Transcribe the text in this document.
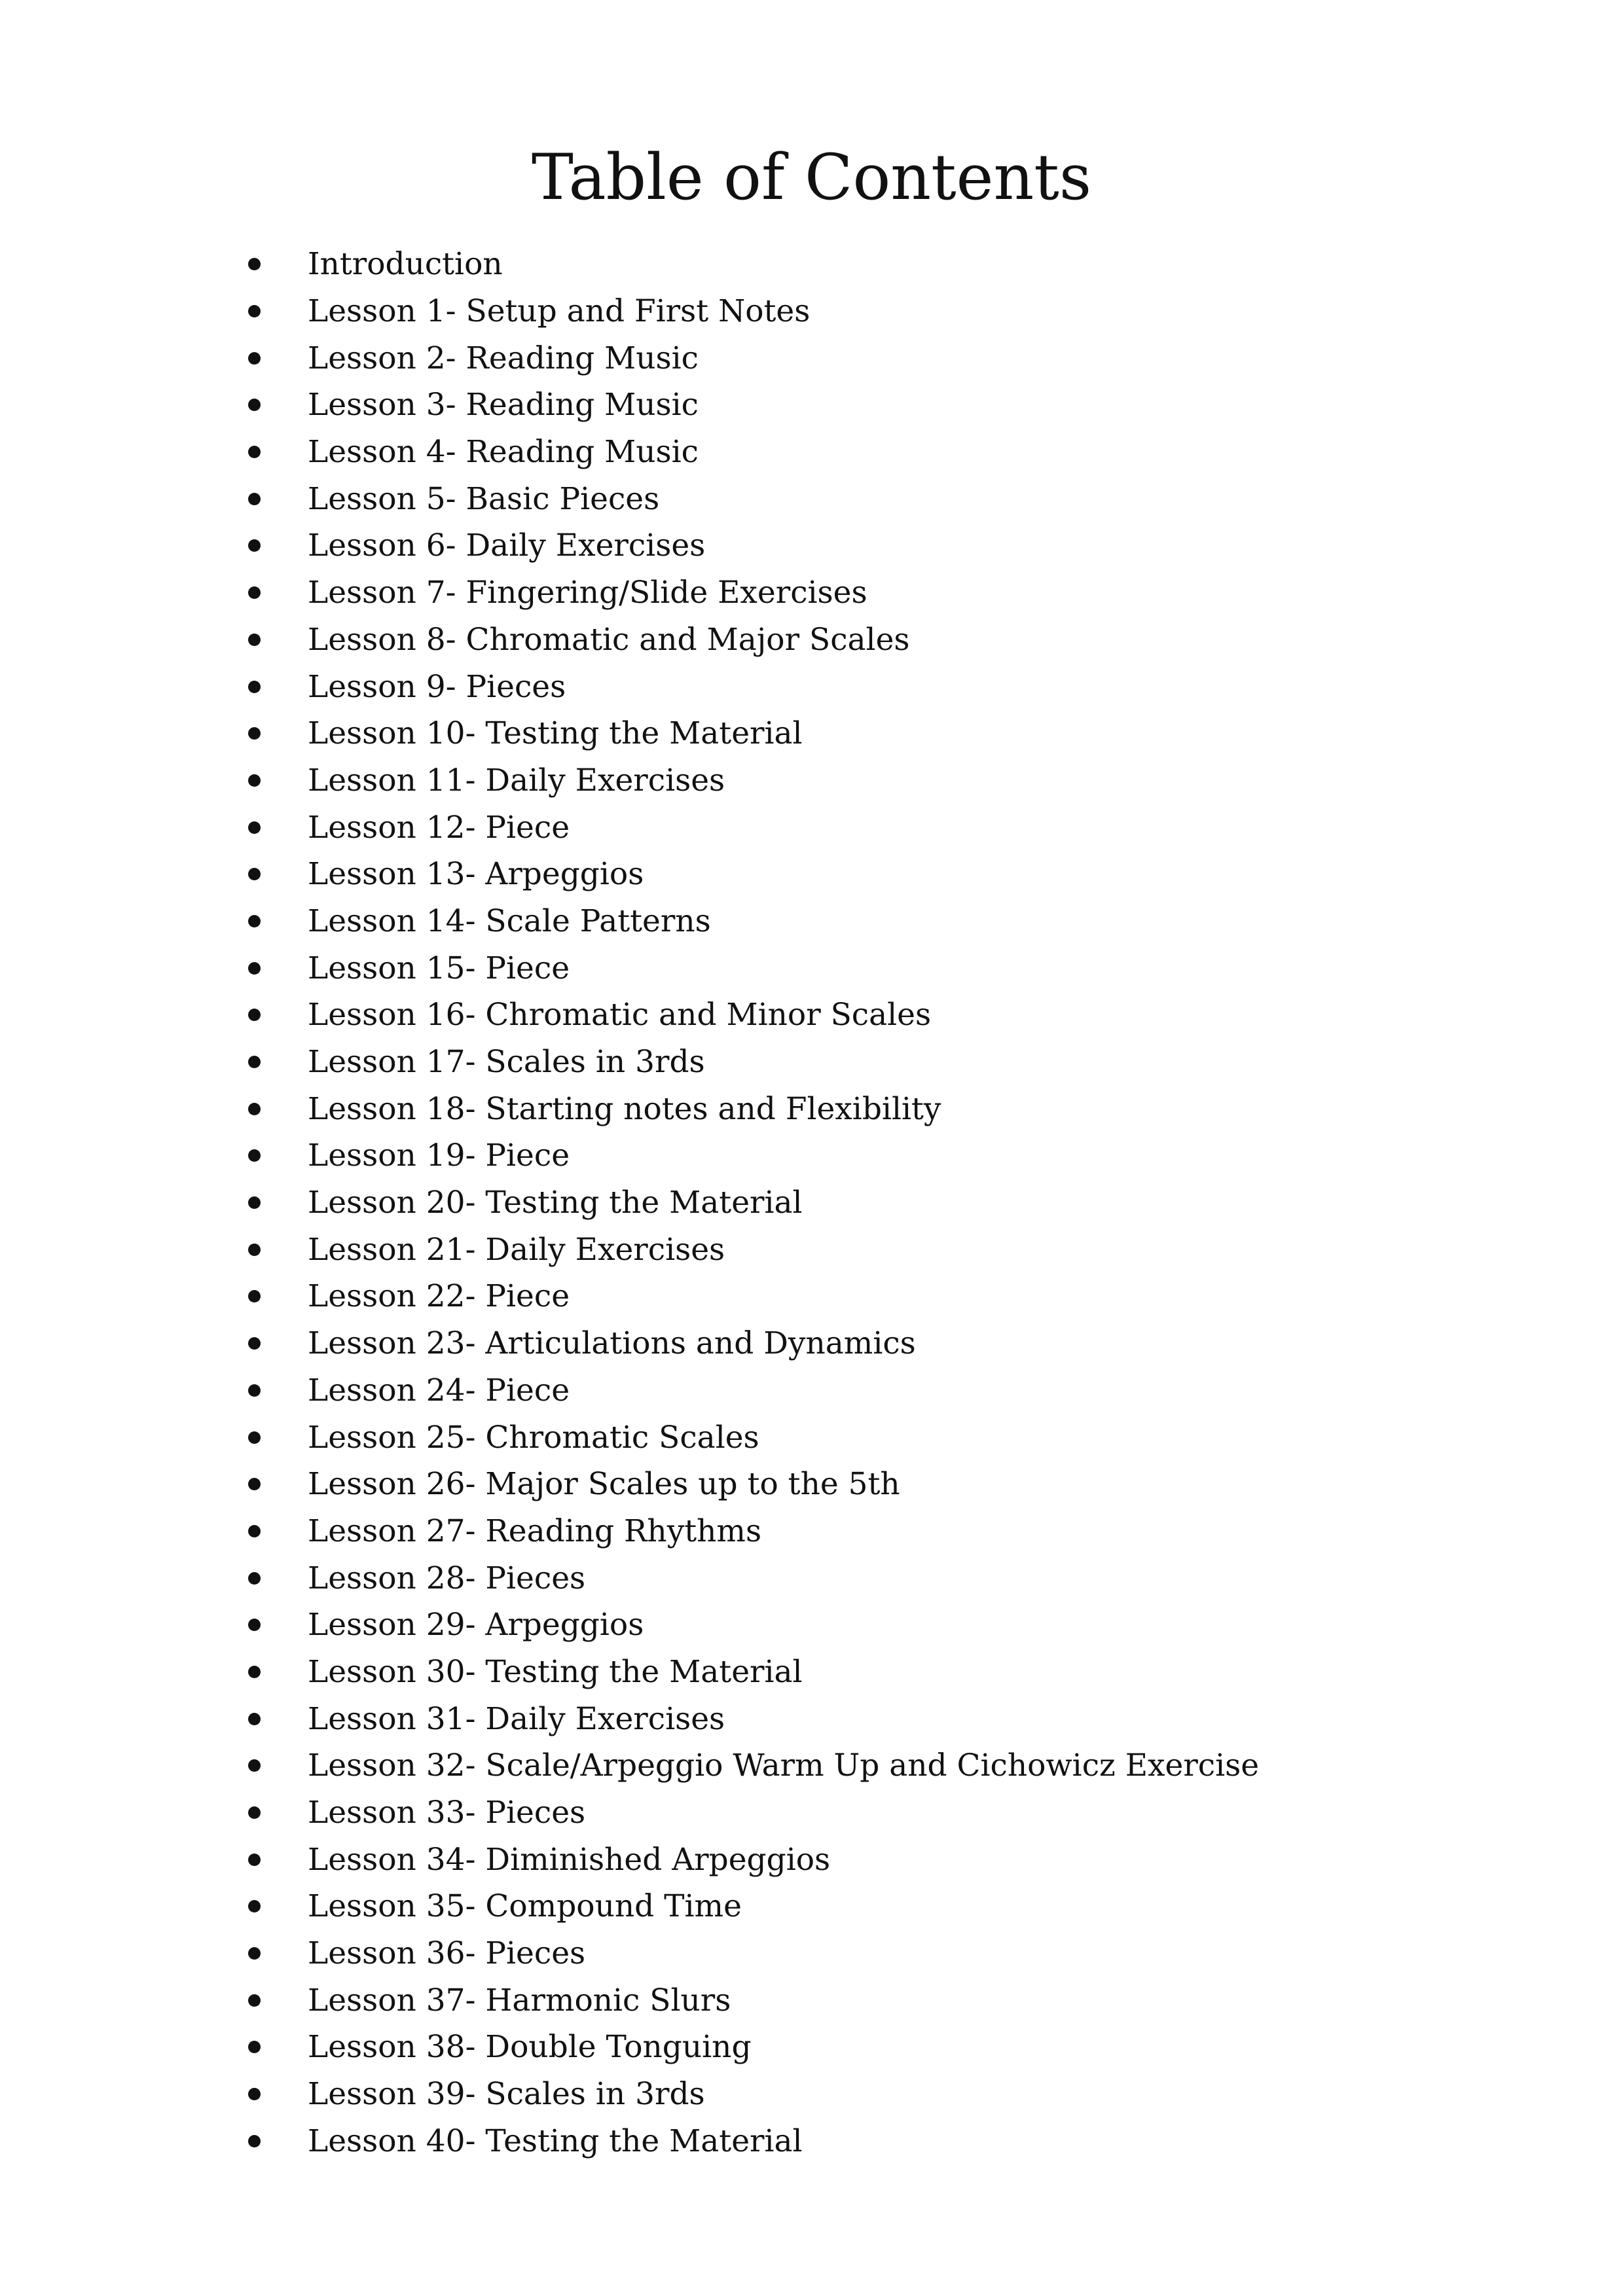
Table of Contents
Introduction
Lesson 1- Setup and First Notes
Lesson 2- Reading Music
Lesson 3- Reading Music
Lesson 4- Reading Music
Lesson 5- Basic Pieces
Lesson 6- Daily Exercises
Lesson 7- Fingering/Slide Exercises
Lesson 8- Chromatic and Major Scales
Lesson 9- Pieces
Lesson 10- Testing the Material
Lesson 11- Daily Exercises
Lesson 12- Piece
Lesson 13- Arpeggios
Lesson 14- Scale Patterns
Lesson 15- Piece
Lesson 16- Chromatic and Minor Scales
Lesson 17- Scales in 3rds
Lesson 18- Starting notes and Flexibility
Lesson 19- Piece
Lesson 20- Testing the Material
Lesson 21- Daily Exercises
Lesson 22- Piece
Lesson 23- Articulations and Dynamics
Lesson 24- Piece
Lesson 25- Chromatic Scales
Lesson 26- Major Scales up to the 5th
Lesson 27- Reading Rhythms
Lesson 28- Pieces
Lesson 29- Arpeggios
Lesson 30- Testing the Material
Lesson 31- Daily Exercises
Lesson 32- Scale/Arpeggio Warm Up and Cichowicz Exercise
Lesson 33- Pieces
Lesson 34- Diminished Arpeggios
Lesson 35- Compound Time
Lesson 36- Pieces
Lesson 37- Harmonic Slurs
Lesson 38- Double Tonguing
Lesson 39- Scales in 3rds
Lesson 40- Testing the Material
